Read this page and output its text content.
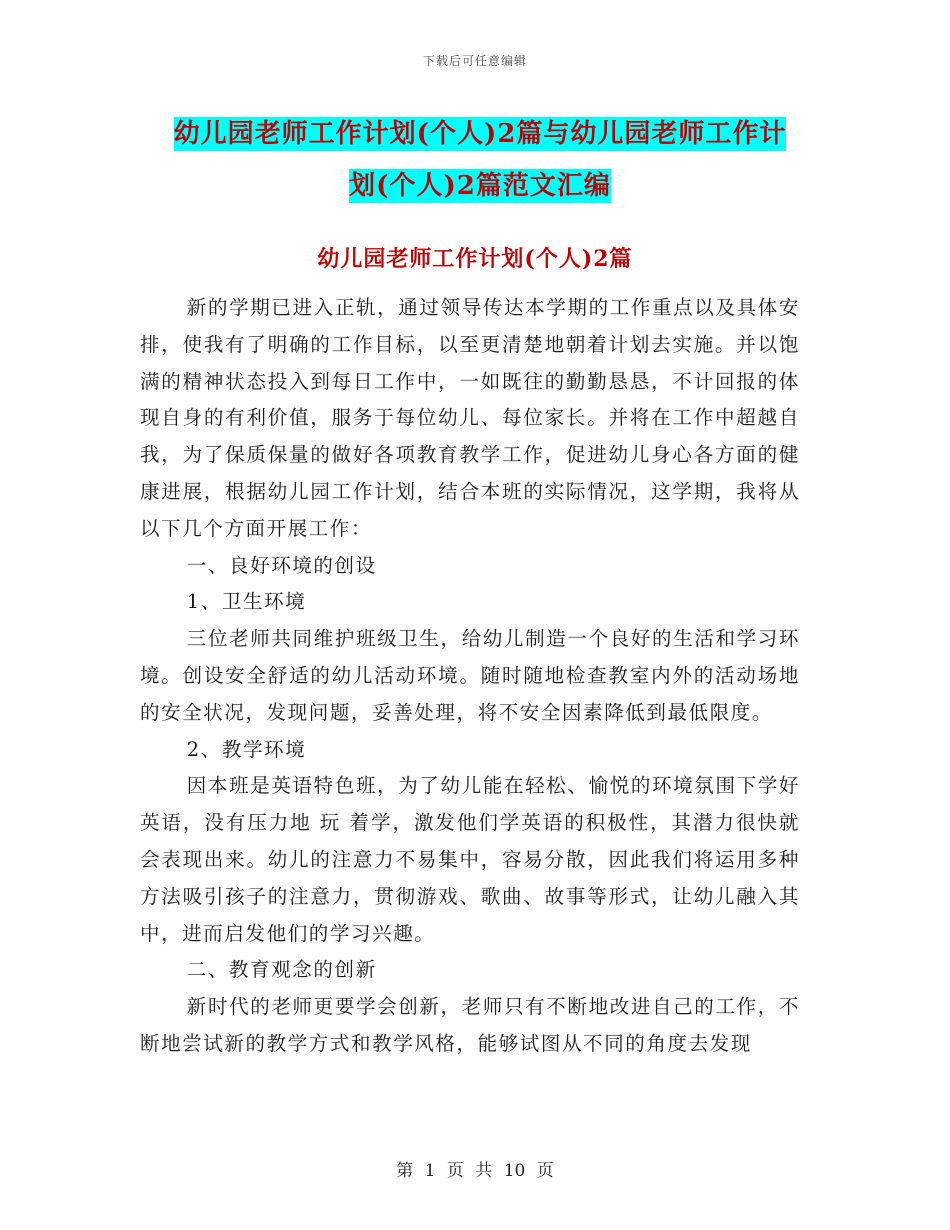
下载后可任意编辑
幼儿园老师工作计划(个人)2篇与幼儿园老师工作计
划(个人)2篇范文汇编
幼儿园老师工作计划(个人)2篇

新的学期已进入正轨，通过领导传达本学期的工作重点以及具体安排，使我有了明确的工作目标，以至更清楚地朝着计划去实施。并以饱满的精神状态投入到每日工作中，一如既往的勤勤恳恳，不计回报的体现自身的有利价值，服务于每位幼儿、每位家长。并将在工作中超越自我，为了保质保量的做好各项教育教学工作，促进幼儿身心各方面的健康进展，根据幼儿园工作计划，结合本班的实际情况，这学期，我将从以下几个方面开展工作：

一、良好环境的创设

1、卫生环境

三位老师共同维护班级卫生，给幼儿制造一个良好的生活和学习环境。创设安全舒适的幼儿活动环境。随时随地检查教室内外的活动场地的安全状况，发现问题，妥善处理，将不安全因素降低到最低限度。

2、教学环境

因本班是英语特色班，为了幼儿能在轻松、愉悦的环境氛围下学好英语，没有压力地 玩 着学，激发他们学英语的积极性，其潜力很快就会表现出来。幼儿的注意力不易集中，容易分散，因此我们将运用多种方法吸引孩子的注意力，贯彻游戏、歌曲、故事等形式，让幼儿融入其中，进而启发他们的学习兴趣。

二、教育观念的创新

新时代的老师更要学会创新，老师只有不断地改进自己的工作，不断地尝试新的教学方式和教学风格，能够试图从不同的角度去发现

第 1 页 共 10 页
